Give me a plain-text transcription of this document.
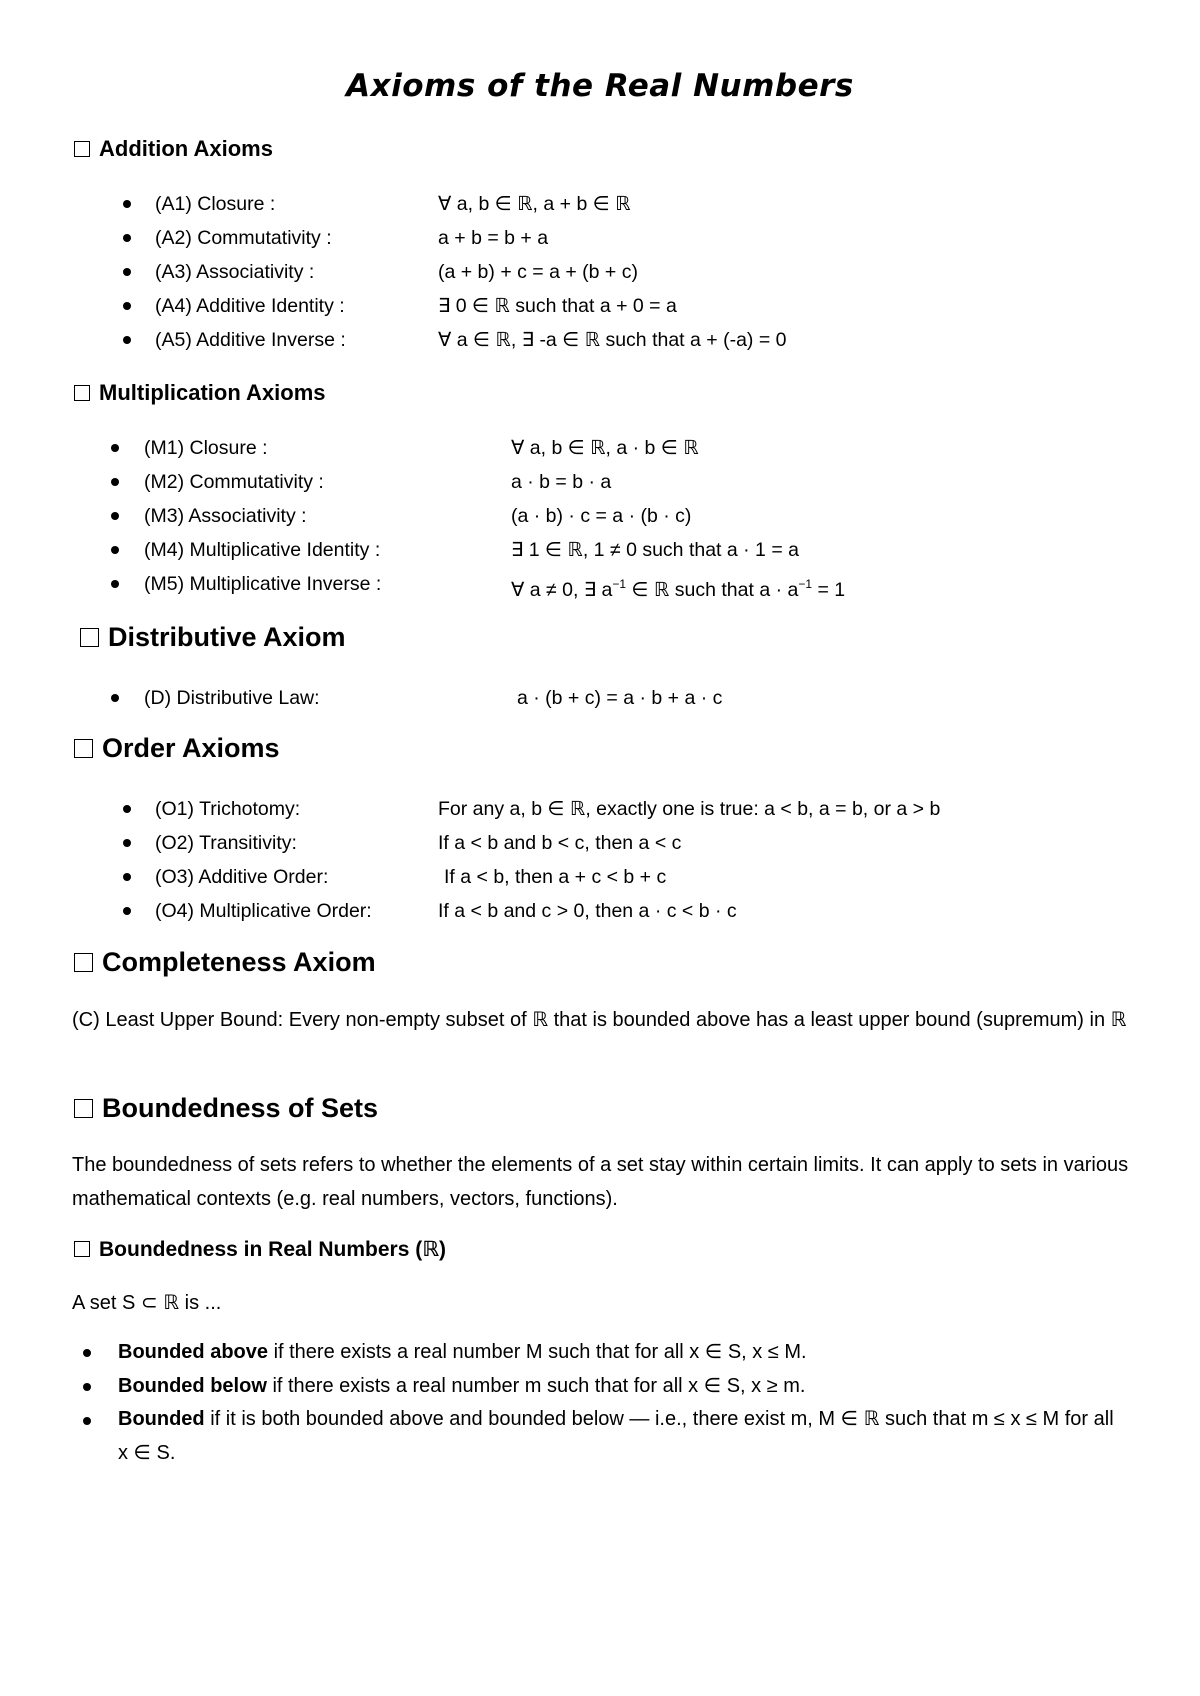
Axioms of the Real Numbers
Addition Axioms
(A1) Closure :	∀ a, b ∈ ℝ, a + b ∈ ℝ
(A2) Commutativity :	a + b = b + a
(A3) Associativity :	(a + b) + c = a + (b + c)
(A4) Additive Identity :	∃ 0 ∈ ℝ such that a + 0 = a
(A5) Additive Inverse :	∀ a ∈ ℝ, ∃ -a ∈ ℝ such that a + (-a) = 0
Multiplication Axioms
(M1) Closure :	∀ a, b ∈ ℝ, a · b ∈ ℝ
(M2) Commutativity :	a · b = b · a
(M3) Associativity :	(a · b) · c = a · (b · c)
(M4) Multiplicative Identity :	∃ 1 ∈ ℝ, 1 ≠ 0 such that a · 1 = a
(M5) Multiplicative Inverse :	∀ a ≠ 0, ∃ $a^{-1}$ ∈ ℝ such that $a \cdot a^{-1} = 1$
Distributive Axiom
(D) Distributive Law:	a · (b + c) = a · b + a · c
Order Axioms
(O1) Trichotomy:	For any a, b ∈ ℝ, exactly one is true: a < b, a = b, or a > b
(O2) Transitivity:	If a < b and b < c, then a < c
(O3) Additive Order:	If a < b, then a + c < b + c
(O4) Multiplicative Order:	If a < b and c > 0, then a · c < b · c
Completeness Axiom
(C) Least Upper Bound: Every non-empty subset of ℝ that is bounded above has a least upper bound (supremum) in ℝ
Boundedness of Sets
The boundedness of sets refers to whether the elements of a set stay within certain limits. It can apply to sets in various mathematical contexts (e.g. real numbers, vectors, functions).
Boundedness in Real Numbers (ℝ)
A set S ⊂ ℝ is ...
Bounded above if there exists a real number M such that for all x ∈ S, x ≤ M.
Bounded below if there exists a real number m such that for all x ∈ S, x ≥ m.
Bounded if it is both bounded above and bounded below — i.e., there exist m, M ∈ ℝ such that m ≤ x ≤ M for all x ∈ S.
